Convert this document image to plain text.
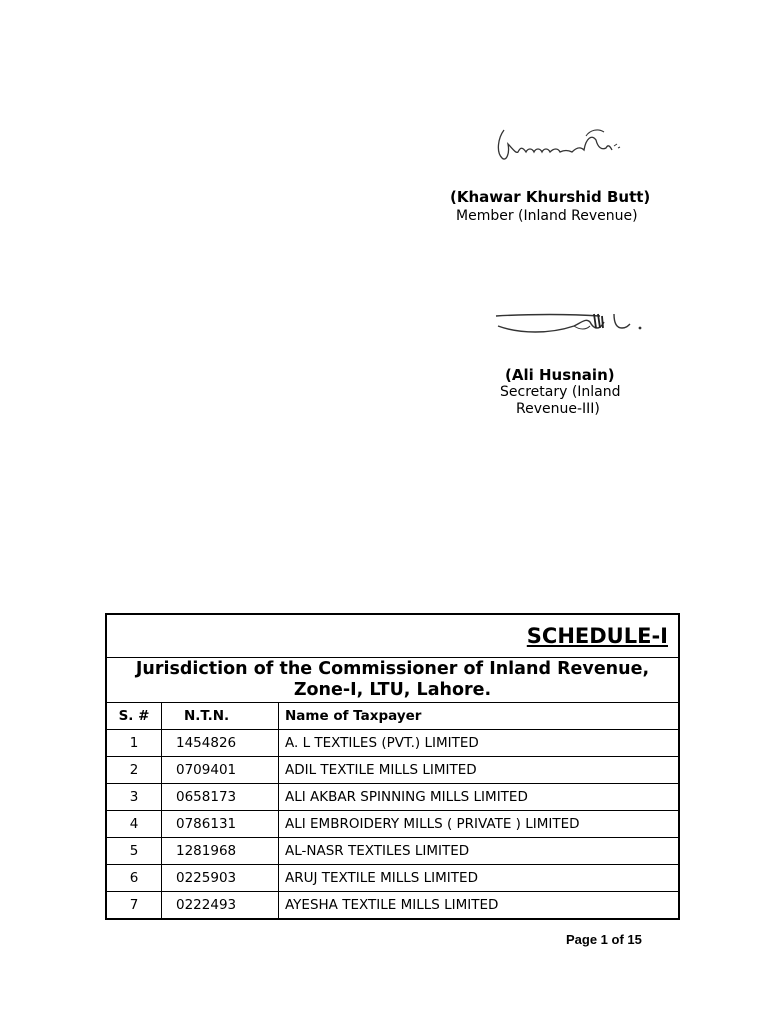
(Khawar Khurshid Butt)
Member (Inland Revenue)
(Ali Husnain)
Secretary (Inland
Revenue-III)
SCHEDULE-I		

Jurisdiction of the Commissioner of Inland Revenue,
Zone-I, LTU, Lahore.		

S. #	N.T.N.	Name of Taxpayer
1	1454826	A. L TEXTILES (PVT.) LIMITED
2	0709401	ADIL TEXTILE MILLS LIMITED
3	0658173	ALI AKBAR SPINNING MILLS LIMITED
4	0786131	ALI EMBROIDERY MILLS ( PRIVATE ) LIMITED
5	1281968	AL-NASR TEXTILES LIMITED
6	0225903	ARUJ TEXTILE MILLS LIMITED
7	0222493	AYESHA TEXTILE MILLS LIMITED
Page 1 of 15
